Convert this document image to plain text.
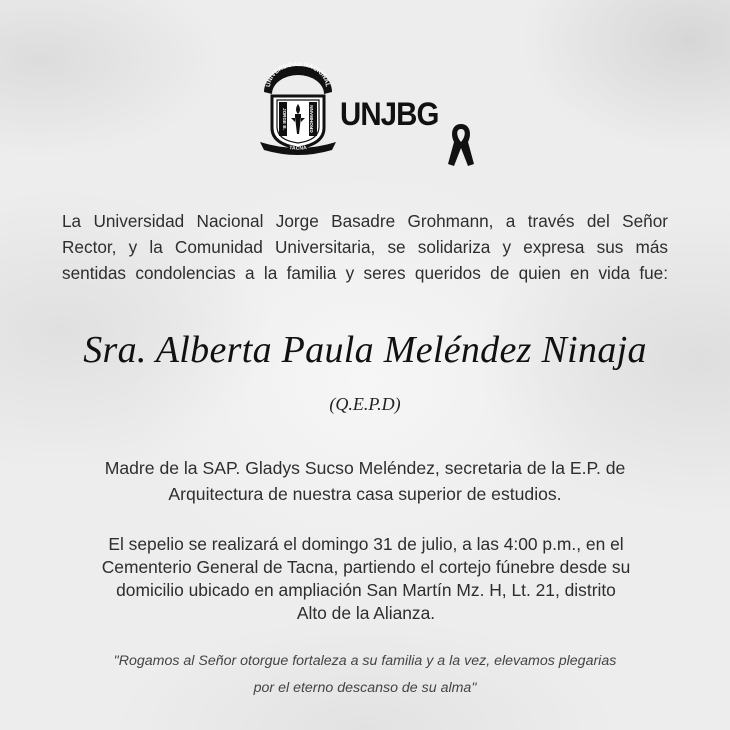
UNIVERSIDAD NACIONAL
JORGE B.	GROHMANN
TACNA
UNJBG
La Universidad Nacional Jorge Basadre Grohmann, a través del Señor
Rector, y la Comunidad Universitaria, se solidariza y expresa sus más
sentidas condolencias a la familia y seres queridos de quien en vida fue:
Sra. Alberta Paula Meléndez Ninaja
(Q.E.P.D)
Madre de la SAP. Gladys Sucso Meléndez, secretaria de la E.P. de
Arquitectura de nuestra casa superior de estudios.
El sepelio se realizará el domingo 31 de julio, a las 4:00 p.m., en el
Cementerio General de Tacna, partiendo el cortejo fúnebre desde su
domicilio ubicado en ampliación San Martín Mz. H, Lt. 21, distrito
Alto de la Alianza.
"Rogamos al Señor otorgue fortaleza a su familia y a la vez, elevamos plegarias
por el eterno descanso de su alma"
